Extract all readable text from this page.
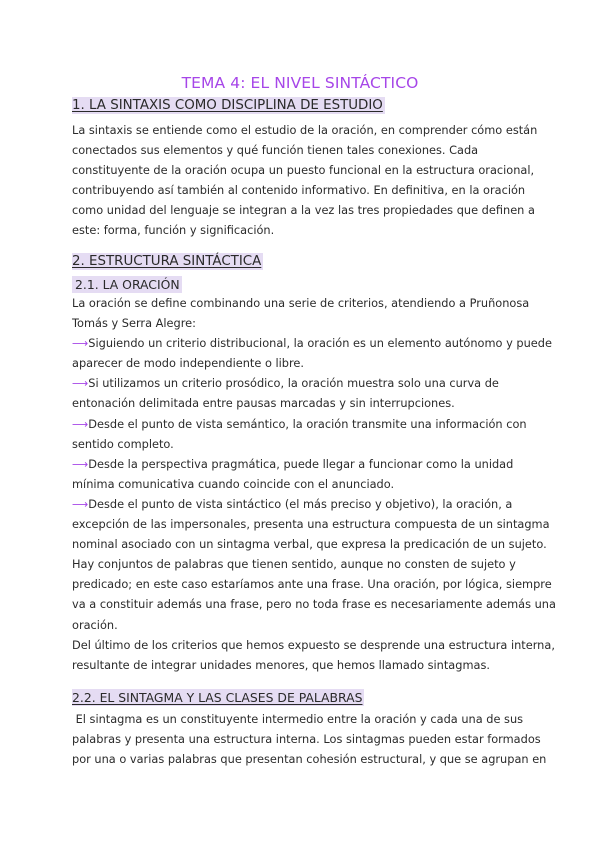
TEMA 4: EL NIVEL SINTÁCTICO
1. LA SINTAXIS COMO DISCIPLINA DE ESTUDIO
La sintaxis se entiende como el estudio de la oración, en comprender cómo están
conectados sus elementos y qué función tienen tales conexiones. Cada
constituyente de la oración ocupa un puesto funcional en la estructura oracional,
contribuyendo así también al contenido informativo. En definitiva, en la oración
como unidad del lenguaje se integran a la vez las tres propiedades que definen a
este: forma, función y significación.
2. ESTRUCTURA SINTÁCTICA
2.1. LA ORACIÓN
La oración se define combinando una serie de criterios, atendiendo a Pruñonosa
Tomás y Serra Alegre:
⟶Siguiendo un criterio distribucional, la oración es un elemento autónomo y puede
aparecer de modo independiente o libre.
⟶Si utilizamos un criterio prosódico, la oración muestra solo una curva de
entonación delimitada entre pausas marcadas y sin interrupciones.
⟶Desde el punto de vista semántico, la oración transmite una información con
sentido completo.
⟶Desde la perspectiva pragmática, puede llegar a funcionar como la unidad
mínima comunicativa cuando coincide con el anunciado.
⟶Desde el punto de vista sintáctico (el más preciso y objetivo), la oración, a
excepción de las impersonales, presenta una estructura compuesta de un sintagma
nominal asociado con un sintagma verbal, que expresa la predicación de un sujeto.
Hay conjuntos de palabras que tienen sentido, aunque no consten de sujeto y
predicado; en este caso estaríamos ante una frase. Una oración, por lógica, siempre
va a constituir además una frase, pero no toda frase es necesariamente además una
oración.
Del último de los criterios que hemos expuesto se desprende una estructura interna,
resultante de integrar unidades menores, que hemos llamado sintagmas.
2.2. EL SINTAGMA Y LAS CLASES DE PALABRAS
El sintagma es un constituyente intermedio entre la oración y cada una de sus
palabras y presenta una estructura interna. Los sintagmas pueden estar formados
por una o varias palabras que presentan cohesión estructural, y que se agrupan en
